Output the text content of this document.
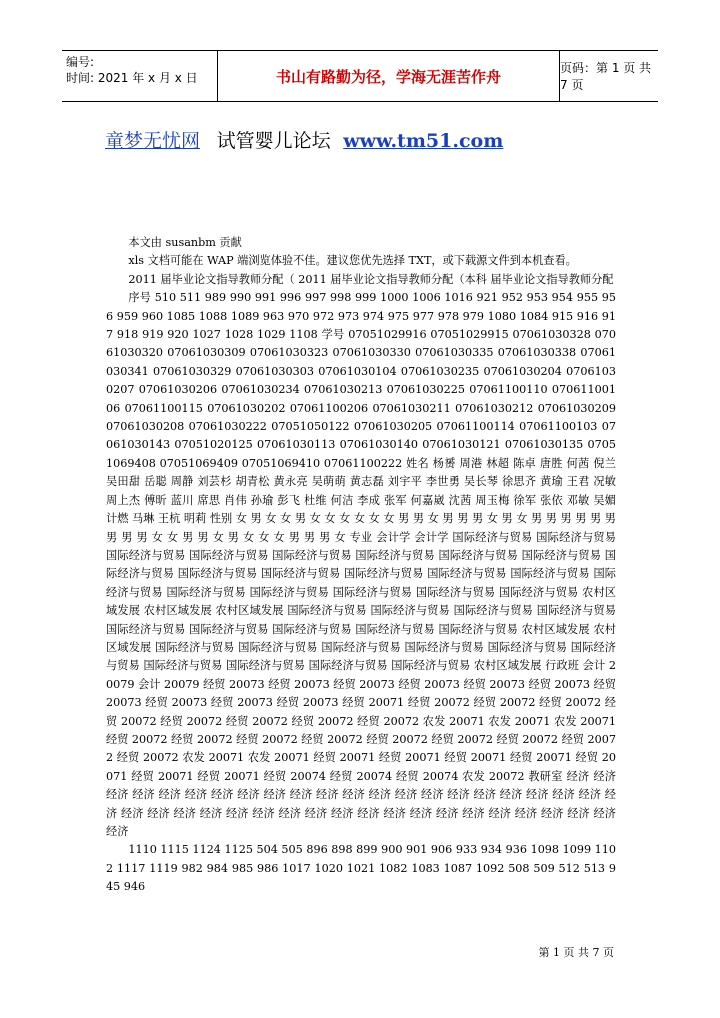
编号:
时间: 2021 年 x 月 x 日	书山有路勤为径，学海无涯苦作舟	页码：第 1 页 共 7 页
童梦无忧网 试管婴儿论坛 www.tm51.com

本文由 susanbm 贡献

xls 文档可能在 WAP 端浏览体验不佳。建议您优先选择 TXT，或下载源文件到本机查看。

2011 届毕业论文指导教师分配（ 2011 届毕业论文指导教师分配（本科 届毕业论文指导教师分配

序号 510 511 989 990 991 996 997 998 999 1000 1006 1016 921 952 953 954 955 956 959 960 1085 1088 1089 963 970 972 973 974 975 977 978 979 1080 1084 915 916 917 918 919 920 1027 1028 1029 1108 学号 07051029916 07051029915 07061030328 07061030320 07061030309 07061030323 07061030330 07061030335 07061030338 07061030341 07061030329 07061030303 07061030104 07061030235 07061030204 07061030207 07061030206 07061030234 07061030213 07061030225 07061100110 07061100106 07061100115 07061030202 07061100206 07061030211 07061030212 07061030209 07061030208 07061030222 07051050122 07061030205 07061100114 07061100103 07061030143 07051020125 07061030113 07061030140 07061030121 07061030135 07051069408 07051069409 07051069410 07061100222 姓名 杨赟 周港 林超 陈卓 唐胜 何茜 倪兰 吴田甜 岳聪 周静 刘芸杉 胡青松 黄永亮 吴萌萌 黄志磊 刘宇平 李世勇 吴长琴 徐思齐 黄瑜 王君 况敏 周上杰 傅昕 蓝川 席思 肖伟 孙瑜 彭飞 杜维 何洁 李成 张军 何嘉崴 沈茜 周玉梅 徐军 张依 邓敏 吴媚 计燃 马琳 王杭 明莉 性别 女 男 女 女 男 女 女 女 女 女 女 男 男 女 男 男 男 女 男 女 男 男 男 男 男 男 男 男 男 女 女 男 男 女 男 女 女 女 男 男 男 女 专业 会计学 会计学 国际经济与贸易 国际经济与贸易 国际经济与贸易 国际经济与贸易 国际经济与贸易 国际经济与贸易 国际经济与贸易 国际经济与贸易 国际经济与贸易 国际经济与贸易 国际经济与贸易 国际经济与贸易 国际经济与贸易 国际经济与贸易 国际经济与贸易 国际经济与贸易 国际经济与贸易 国际经济与贸易 国际经济与贸易 国际经济与贸易 农村区域发展 农村区域发展 农村区域发展 国际经济与贸易 国际经济与贸易 国际经济与贸易 国际经济与贸易 国际经济与贸易 国际经济与贸易 国际经济与贸易 国际经济与贸易 国际经济与贸易 农村区域发展 农村区域发展 国际经济与贸易 国际经济与贸易 国际经济与贸易 国际经济与贸易 国际经济与贸易 国际经济与贸易 国际经济与贸易 国际经济与贸易 国际经济与贸易 国际经济与贸易 农村区域发展 行政班 会计 20079 会计 20079 经贸 20073 经贸 20073 经贸 20073 经贸 20073 经贸 20073 经贸 20073 经贸 20073 经贸 20073 经贸 20073 经贸 20073 经贸 20071 经贸 20072 经贸 20072 经贸 20072 经贸 20072 经贸 20072 经贸 20072 经贸 20072 经贸 20072 农发 20071 农发 20071 农发 20071 经贸 20072 经贸 20072 经贸 20072 经贸 20072 经贸 20072 经贸 20072 经贸 20072 经贸 20072 经贸 20072 农发 20071 农发 20071 经贸 20071 经贸 20071 经贸 20071 经贸 20071 经贸 20071 经贸 20071 经贸 20071 经贸 20074 经贸 20074 经贸 20074 农发 20072 教研室 经济 经济 经济 经济 经济 经济 经济 经济 经济 经济 经济 经济 经济 经济 经济 经济 经济 经济 经济 经济 经济 经济 经济 经济 经济 经济 经济 经济 经济 经济 经济 经济 经济 经济 经济 经济 经济 经济 经济 经济 经济 经济

1110 1115 1124 1125 504 505 896 898 899 900 901 906 933 934 936 1098 1099 1102 1117 1119 982 984 985 986 1017 1020 1021 1082 1083 1087 1092 508 509 512 513 945 946

第 1 页 共 7 页
